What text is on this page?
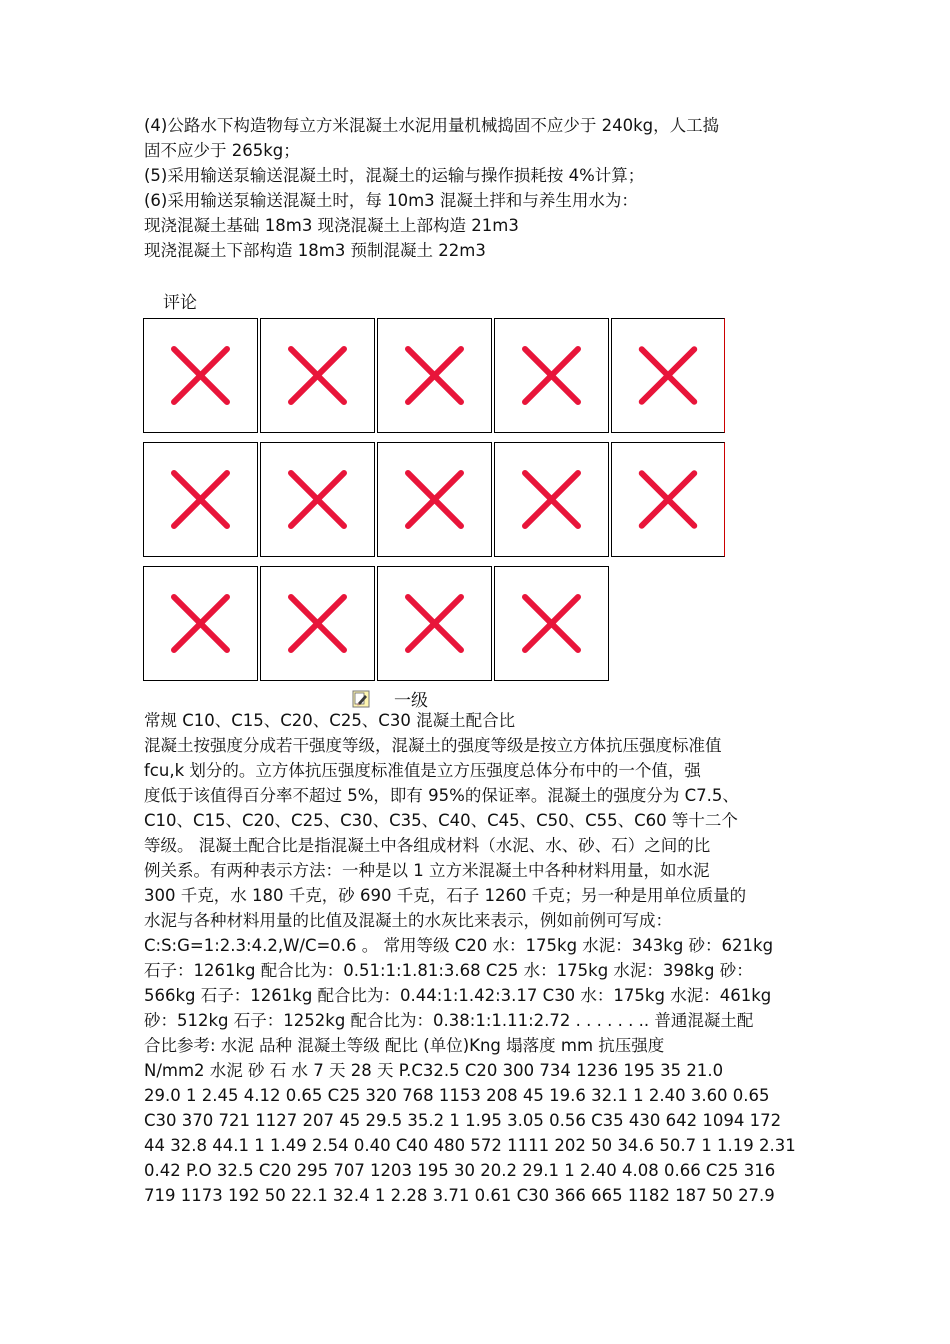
(4)公路水下构造物每立方米混凝土水泥用量机械捣固不应少于 240kg，人工捣

固不应少于 265kg；

(5)采用输送泵输送混凝土时，混凝土的运输与操作损耗按 4%计算；

(6)采用输送泵输送混凝土时，每 10m3 混凝土拌和与养生用水为：

现浇混凝土基础 18m3 现浇混凝土上部构造 21m3

现浇混凝土下部构造 18m3 预制混凝土 22m3

评论
一级

常规 C10、C15、C20、C25、C30 混凝土配合比

混凝土按强度分成若干强度等级，混凝土的强度等级是按立方体抗压强度标准值

fcu,k 划分的。立方体抗压强度标准值是立方压强度总体分布中的一个值，强

度低于该值得百分率不超过 5%，即有 95%的保证率。混凝土的强度分为 C7.5、

C10、C15、C20、C25、C30、C35、C40、C45、C50、C55、C60 等十二个

等级。 混凝土配合比是指混凝土中各组成材料（水泥、水、砂、石）之间的比

例关系。有两种表示方法：一种是以 1 立方米混凝土中各种材料用量，如水泥

300 千克，水 180 千克，砂 690 千克，石子 1260 千克；另一种是用单位质量的

水泥与各种材料用量的比值及混凝土的水灰比来表示，例如前例可写成：

C:S:G=1:2.3:4.2,W/C=0.6 。 常用等级 C20 水：175kg 水泥：343kg 砂：621kg

石子：1261kg 配合比为：0.51:1:1.81:3.68 C25 水：175kg 水泥：398kg 砂：

566kg 石子：1261kg 配合比为：0.44:1:1.42:3.17 C30 水：175kg 水泥：461kg

砂：512kg 石子：1252kg 配合比为：0.38:1:1.11:2.72 . . . . . . .. 普通混凝土配

合比参考: 水泥 品种 混凝土等级 配比 (单位)Kng 塌落度 mm 抗压强度

N/mm2 水泥 砂 石 水 7 天 28 天 P.C32.5 C20 300 734 1236 195 35 21.0

29.0 1 2.45 4.12 0.65 C25 320 768 1153 208 45 19.6 32.1 1 2.40 3.60 0.65

C30 370 721 1127 207 45 29.5 35.2 1 1.95 3.05 0.56 C35 430 642 1094 172

44 32.8 44.1 1 1.49 2.54 0.40 C40 480 572 1111 202 50 34.6 50.7 1 1.19 2.31

0.42 P.O 32.5 C20 295 707 1203 195 30 20.2 29.1 1 2.40 4.08 0.66 C25 316

719 1173 192 50 22.1 32.4 1 2.28 3.71 0.61 C30 366 665 1182 187 50 27.9
